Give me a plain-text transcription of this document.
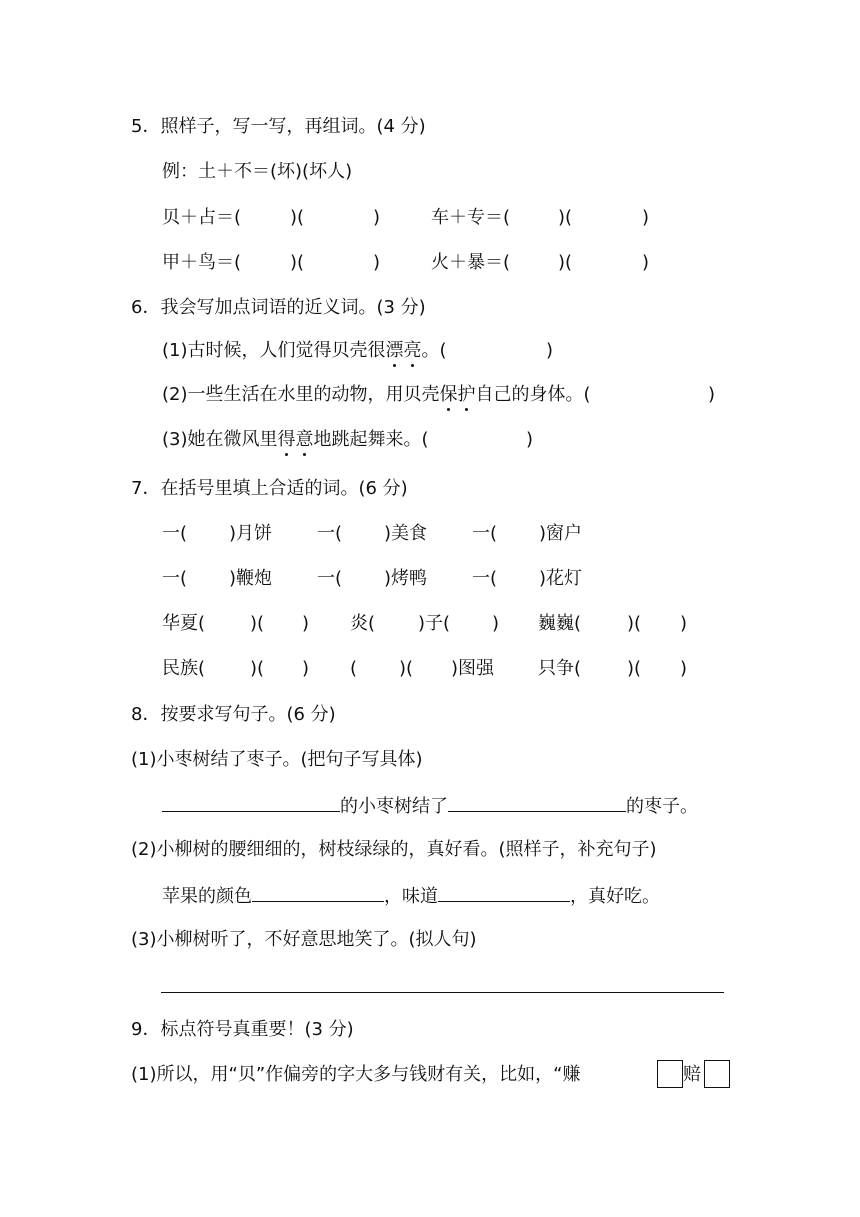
5．照样子，写一写，再组词。(4 分)
例：土＋不＝(坏)(坏人)
贝＋占＝(	)(	)	车＋专＝(	)(	)
甲＋鸟＝(	)(	)	火＋暴＝(	)(	)
6．我会写加点词语的近义词。(3 分)
(1)古时候，人们觉得贝壳很漂亮。(	)
(2)一些生活在水里的动物，用贝壳保护自己的身体。(	)
(3)她在微风里得意地跳起舞来。(	)
7．在括号里填上合适的词。(6 分)
一( )月饼 一( )美食 一( )窗户
一( )鞭炮 一( )烤鸭 一( )花灯
华夏( )( ) 炎( )子( ) 巍巍(	)( )
民族( )( ) ( )( )图强 只争(	)( )
8．按要求写句子。(6 分)
(1)小枣树结了枣子。(把句子写具体)
的小枣树结了	的枣子。
(2)小柳树的腰细细的，树枝绿绿的，真好看。(照样子，补充句子)
苹果的颜色	，味道	，真好吃。
(3)小柳树听了，不好意思地笑了。(拟人句)
9．标点符号真重要！(3 分)
(1)所以，用“贝”作偏旁的字大多与钱财有关，比如，“赚	赔
